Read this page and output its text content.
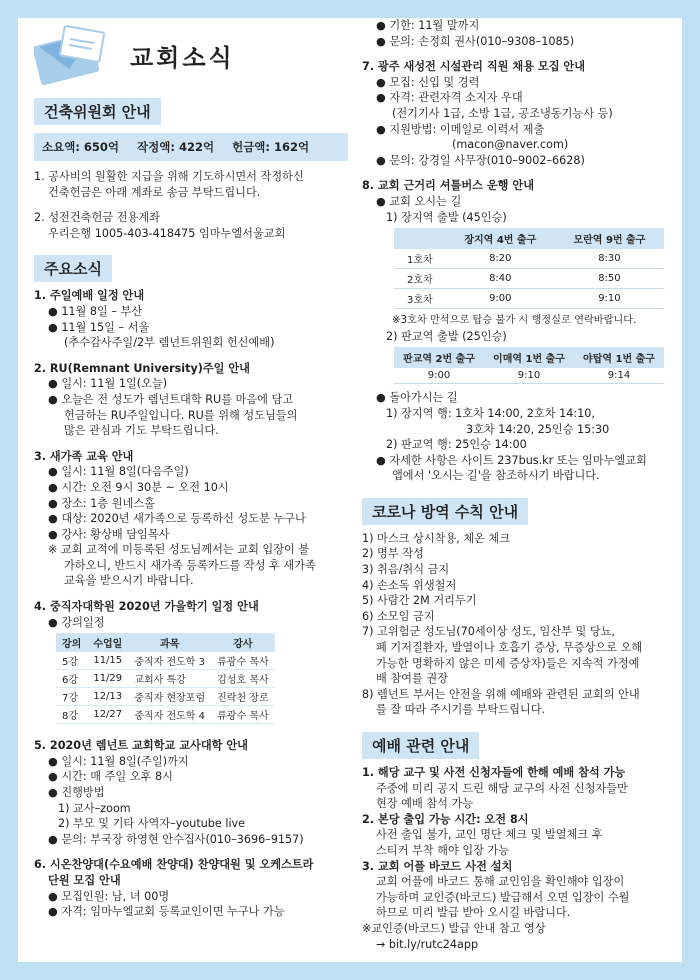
교회소식
건축위원회 안내
소요액: 650억 작정액: 422억 헌금액: 162억
1. 공사비의 원활한 지급을 위해 기도하시면서 작정하신
건축헌금은 아래 계좌로 송금 부탁드립니다.
2. 성전건축헌금 전용계좌
우리은행 1005-403-418475 임마누엘서울교회
주요소식
1. 주일예배 일정 안내
● 11월 8일 – 부산
● 11월 15일 – 서울
(추수감사주일/2부 렘넌트위원회 헌신예배)
2. RU(Remnant University)주일 안내
● 일시: 11월 1일(오늘)
● 오늘은 전 성도가 렘넌트대학 RU를 마음에 담고
헌금하는 RU주일입니다. RU를 위해 성도님들의
많은 관심과 기도 부탁드립니다.
3. 새가족 교육 안내
● 일시: 11월 8일(다음주일)
● 시간: 오전 9시 30분 ~ 오전 10시
● 장소: 1층 원네스홀
● 대상: 2020년 새가족으로 등록하신 성도분 누구나
● 강사: 황상배 담임목사
※ 교회 교적에 미등록된 성도님께서는 교회 입장이 불
가하오니, 반드시 새가족 등록카드를 작성 후 새가족
교육을 받으시기 바랍니다.
4. 중직자대학원 2020년 가을학기 일정 안내
● 강의일정
강의	수업일	과목	강사
5강	11/15	중직자 전도학 3	류광수 목사
6강	11/29	교회사 특강	김성호 목사
7강	12/13	중직자 현장포럼	진락천 장로
8강	12/27	중직자 전도학 4	류광수 목사
5. 2020년 렘넌트 교회학교 교사대학 안내
● 일시: 11월 8일(주일)까지
● 시간: 매 주일 오후 8시
● 진행방법
1) 교사–zoom
2) 부모 및 기타 사역자–youtube live
● 문의: 부국장 하영현 안수집사(010–3696–9157)
6. 시온찬양대(수요예배 찬양대) 찬양대원 및 오케스트라
단원 모집 안내
● 모집인원: 남, 녀 00명
● 자격: 임마누엘교회 등록교인이면 누구나 가능
● 기한: 11월 말까지
● 문의: 손정희 권사(010–9308–1085)
7. 광주 새성전 시설관리 직원 채용 모집 안내
● 모집: 신입 및 경력
● 자격: 관련자격 소지자 우대
(전기기사 1급, 소방 1급, 공조냉동기능사 등)
● 지원방법: 이메일로 이력서 제출
(macon@naver.com)
● 문의: 강경일 사무장(010–9002–6628)
8. 교회 근거리 셔틀버스 운행 안내
● 교회 오시는 길
1) 장지역 출발 (45인승)
	장지역 4번 출구	모란역 9번 출구
1호차	8:20	8:30
2호차	8:40	8:50
3호차	9:00	9:10
※3호차 만석으로 탑승 불가 시 행정실로 연락바랍니다.
2) 판교역 출발 (25인승)
판교역 2번 출구	이매역 1번 출구	야탑역 1번 출구
9:00	9:10	9:14
● 돌아가시는 길
1) 장지역 행: 1호차 14:00, 2호차 14:10,
3호차 14:20, 25인승 15:30
2) 판교역 행: 25인승 14:00
● 자세한 사항은 사이트 237bus.kr 또는 임마누엘교회
앱에서 '오시는 길'을 참조하시기 바랍니다.
코로나 방역 수칙 안내
1) 마스크 상시착용, 체온 체크
2) 명부 작성
3) 취음/취식 금지
4) 손소독 위생철저
5) 사람간 2M 거리두기
6) 소모임 금지
7) 고위험군 성도님(70세이상 성도, 임산부 및 당뇨,
폐 기저질환자, 발열이나 호흡기 증상, 무증상으로 오해
가능한 명확하지 않은 미세 증상자)들은 지속적 가정예
배 참여를 권장
8) 렘넌트 부서는 안전을 위해 예배와 관련된 교회의 안내
를 잘 따라 주시기를 부탁드립니다.
예배 관련 안내
1. 해당 교구 및 사전 신청자들에 한해 예배 참석 가능
주중에 미리 공지 드린 해당 교구의 사전 신청자들만
현장 예배 참석 가능
2. 본당 출입 가능 시간: 오전 8시
사전 출입 불가, 교인 명단 체크 및 발열체크 후
스티커 부착 해야 입장 가능
3. 교회 어플 바코드 사전 설치
교회 어플에 바코드 통해 교인임을 확인해야 입장이
가능하며 교인증(바코드) 발급해서 오면 입장이 수월
하므로 미리 발급 받아 오시길 바랍니다.
※교인증(바코드) 발급 안내 참고 영상
→ bit.ly/rutc24app
